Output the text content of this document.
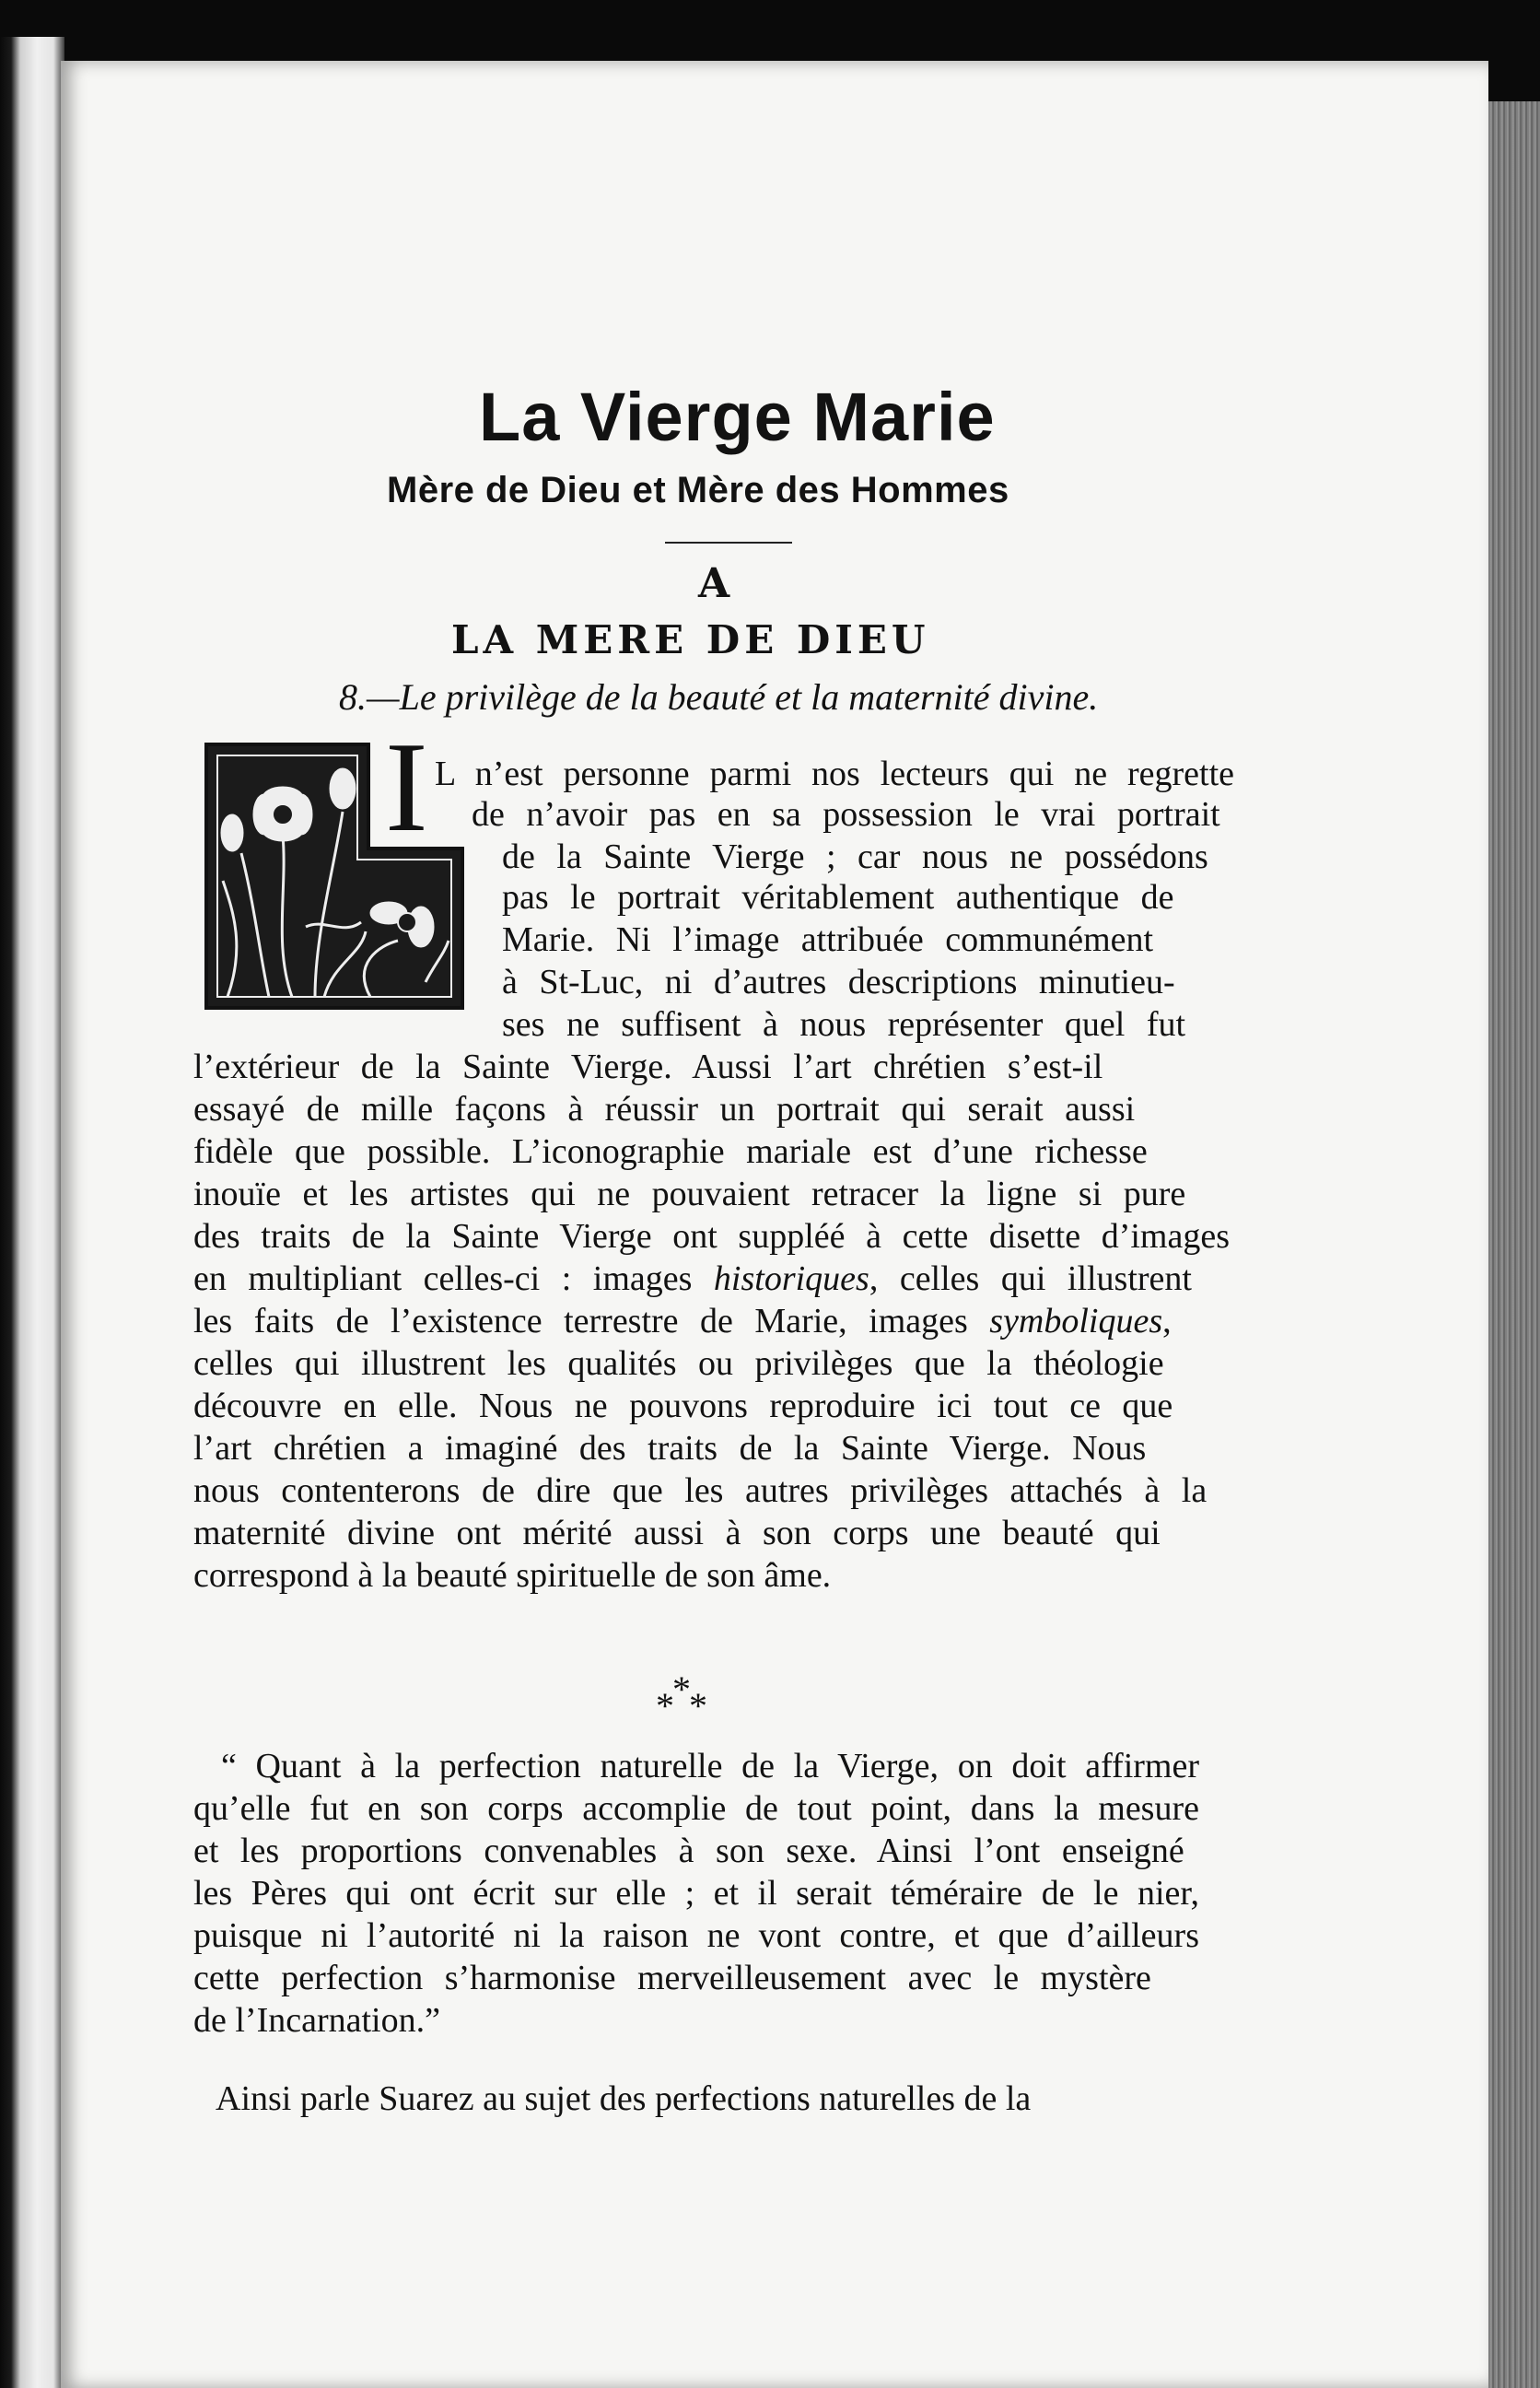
La Vierge Marie
Mère de Dieu et Mère des Hommes
A
LA MERE DE DIEU
8.—Le privilège de la beauté et la maternité divine.
I L n’est personne parmi nos lecteurs qui ne regrette
de n’avoir pas en sa possession le vrai portrait
de la Sainte Vierge ; car nous ne possédons
pas le portrait véritablement authentique de
Marie. Ni l’image attribuée communément
à St-Luc, ni d’autres descriptions minutieu-
ses ne suffisent à nous représenter quel fut
l’extérieur de la Sainte Vierge. Aussi l’art chrétien s’est-il
essayé de mille façons à réussir un portrait qui serait aussi
fidèle que possible. L’iconographie mariale est d’une richesse
inouïe et les artistes qui ne pouvaient retracer la ligne si pure
des traits de la Sainte Vierge ont suppléé à cette disette d’images
en multipliant celles-ci : images historiques, celles qui illustrent
les faits de l’existence terrestre de Marie, images symboliques,
celles qui illustrent les qualités ou privilèges que la théologie
découvre en elle. Nous ne pouvons reproduire ici tout ce que
l’art chrétien a imaginé des traits de la Sainte Vierge. Nous
nous contenterons de dire que les autres privilèges attachés à la
maternité divine ont mérité aussi à son corps une beauté qui
correspond à la beauté spirituelle de son âme.
*
*
*
“ Quant à la perfection naturelle de la Vierge, on doit affirmer
qu’elle fut en son corps accomplie de tout point, dans la mesure
et les proportions convenables à son sexe. Ainsi l’ont enseigné
les Pères qui ont écrit sur elle ; et il serait téméraire de le nier,
puisque ni l’autorité ni la raison ne vont contre, et que d’ailleurs
cette perfection s’harmonise merveilleusement avec le mystère
de l’Incarnation.”
Ainsi parle Suarez au sujet des perfections naturelles de la
